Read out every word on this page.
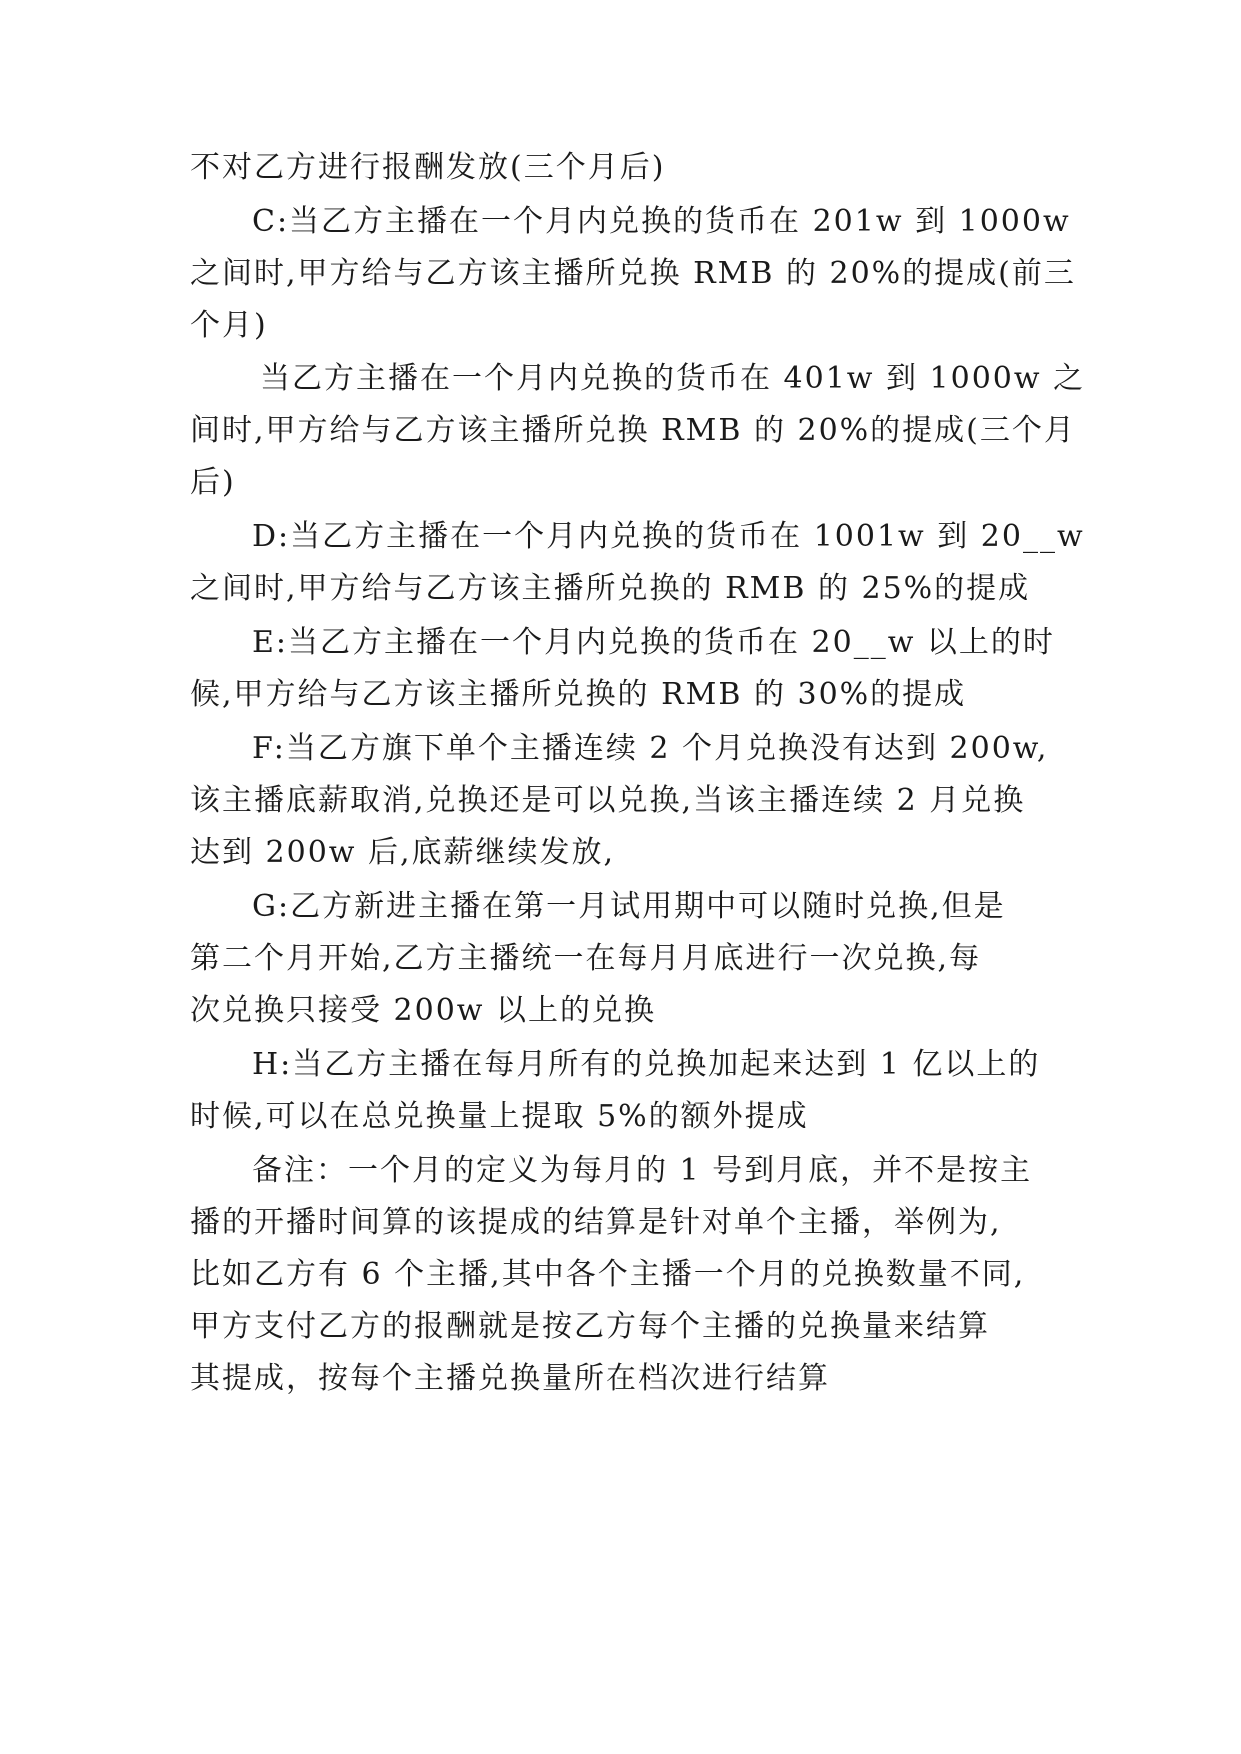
不对乙方进行报酬发放(三个月后)
C:当乙方主播在一个月内兑换的货币在 201w 到 1000w
之间时,甲方给与乙方该主播所兑换 RMB 的 20%的提成(前三
个月)
当乙方主播在一个月内兑换的货币在 401w 到 1000w 之
间时,甲方给与乙方该主播所兑换 RMB 的 20%的提成(三个月
后)
D:当乙方主播在一个月内兑换的货币在 1001w 到 20__w
之间时,甲方给与乙方该主播所兑换的 RMB 的 25%的提成
E:当乙方主播在一个月内兑换的货币在 20__w 以上的时
候,甲方给与乙方该主播所兑换的 RMB 的 30%的提成
F:当乙方旗下单个主播连续 2 个月兑换没有达到 200w,
该主播底薪取消,兑换还是可以兑换,当该主播连续 2 月兑换
达到 200w 后,底薪继续发放,
G:乙方新进主播在第一月试用期中可以随时兑换,但是
第二个月开始,乙方主播统一在每月月底进行一次兑换,每
次兑换只接受 200w 以上的兑换
H:当乙方主播在每月所有的兑换加起来达到 1 亿以上的
时候,可以在总兑换量上提取 5%的额外提成
备注：一个月的定义为每月的 1 号到月底，并不是按主
播的开播时间算的该提成的结算是针对单个主播，举例为,
比如乙方有 6 个主播,其中各个主播一个月的兑换数量不同,
甲方支付乙方的报酬就是按乙方每个主播的兑换量来结算
其提成，按每个主播兑换量所在档次进行结算
